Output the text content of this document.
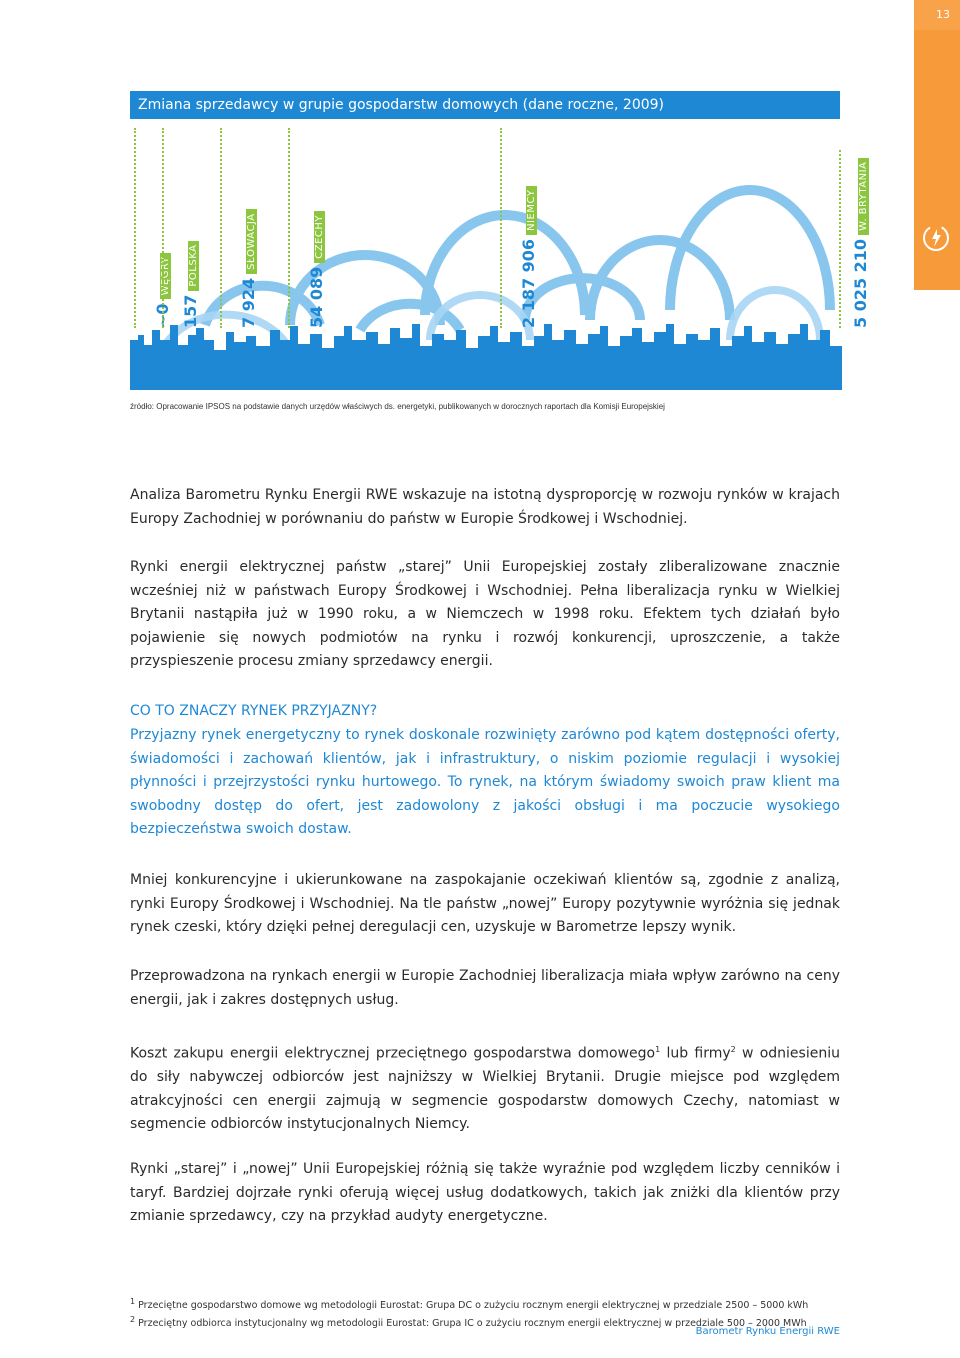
13
Zmiana sprzedawcy w grupie gospodarstw domowych (dane roczne, 2009)
~0WĘGRY
157POLSKA
7 924SŁOWACJA
54 089CZECHY
2 187 906NIEMCY
5 025 210W. BRYTANIA
źródło: Opracowanie IPSOS na podstawie danych urzędów właściwych ds. energetyki, publikowanych w dorocznych raportach dla Komisji Europejskiej
Analiza Barometru Rynku Energii RWE wskazuje na istotną dysproporcję w rozwoju rynków w krajach Europy Zachodniej w porównaniu do państw w Europie Środkowej i Wschodniej.
Rynki energii elektrycznej państw „starej” Unii Europejskiej zostały zliberalizowane znacznie wcześniej niż w państwach Europy Środkowej i Wschodniej. Pełna liberalizacja rynku w Wielkiej Brytanii nastąpiła już w 1990 roku, a w Niemczech w 1998 roku. Efektem tych działań było pojawienie się nowych podmiotów na rynku i rozwój konkurencji, uproszczenie, a także przyspieszenie procesu zmiany sprzedawcy energii.
CO TO ZNACZY RYNEK PRZYJAZNY?
Przyjazny rynek energetyczny to rynek doskonale rozwinięty zarówno pod kątem dostępności oferty, świadomości i zachowań klientów, jak i infrastruktury, o niskim poziomie regulacji i wysokiej płynności i przejrzystości rynku hurtowego. To rynek, na którym świadomy swoich praw klient ma swobodny dostęp do ofert, jest zadowolony z jakości obsługi i ma poczucie wysokiego bezpieczeństwa swoich dostaw.
Mniej konkurencyjne i ukierunkowane na zaspokajanie oczekiwań klientów są, zgodnie z analizą, rynki Europy Środkowej i Wschodniej. Na tle państw „nowej” Europy pozytywnie wyróżnia się jednak rynek czeski, który dzięki pełnej deregulacji cen, uzyskuje w Barometrze lepszy wynik.
Przeprowadzona na rynkach energii w Europie Zachodniej liberalizacja miała wpływ zarówno na ceny energii, jak i zakres dostępnych usług.
Koszt zakupu energii elektrycznej przeciętnego gospodarstwa domowego$^1$ lub firmy$^2$ w odniesieniu do siły nabywczej odbiorców jest najniższy w Wielkiej Brytanii. Drugie miejsce pod względem atrakcyjności cen energii zajmują w segmencie gospodarstw domowych Czechy, natomiast w segmencie odbiorców instytucjonalnych Niemcy.
Rynki „starej” i „nowej” Unii Europejskiej różnią się także wyraźnie pod względem liczby cenników i taryf. Bardziej dojrzałe rynki oferują więcej usług dodatkowych, takich jak zniżki dla klientów przy zmianie sprzedawcy, czy na przykład audyty energetyczne.
$^1$ Przeciętne gospodarstwo domowe wg metodologii Eurostat: Grupa DC o zużyciu rocznym energii elektrycznej w przedziale 2500 – 5000 kWh
$^2$ Przeciętny odbiorca instytucjonalny wg metodologii Eurostat: Grupa IC o zużyciu rocznym energii elektrycznej w przedziale 500 – 2000 MWh
Barometr Rynku Energii RWE
